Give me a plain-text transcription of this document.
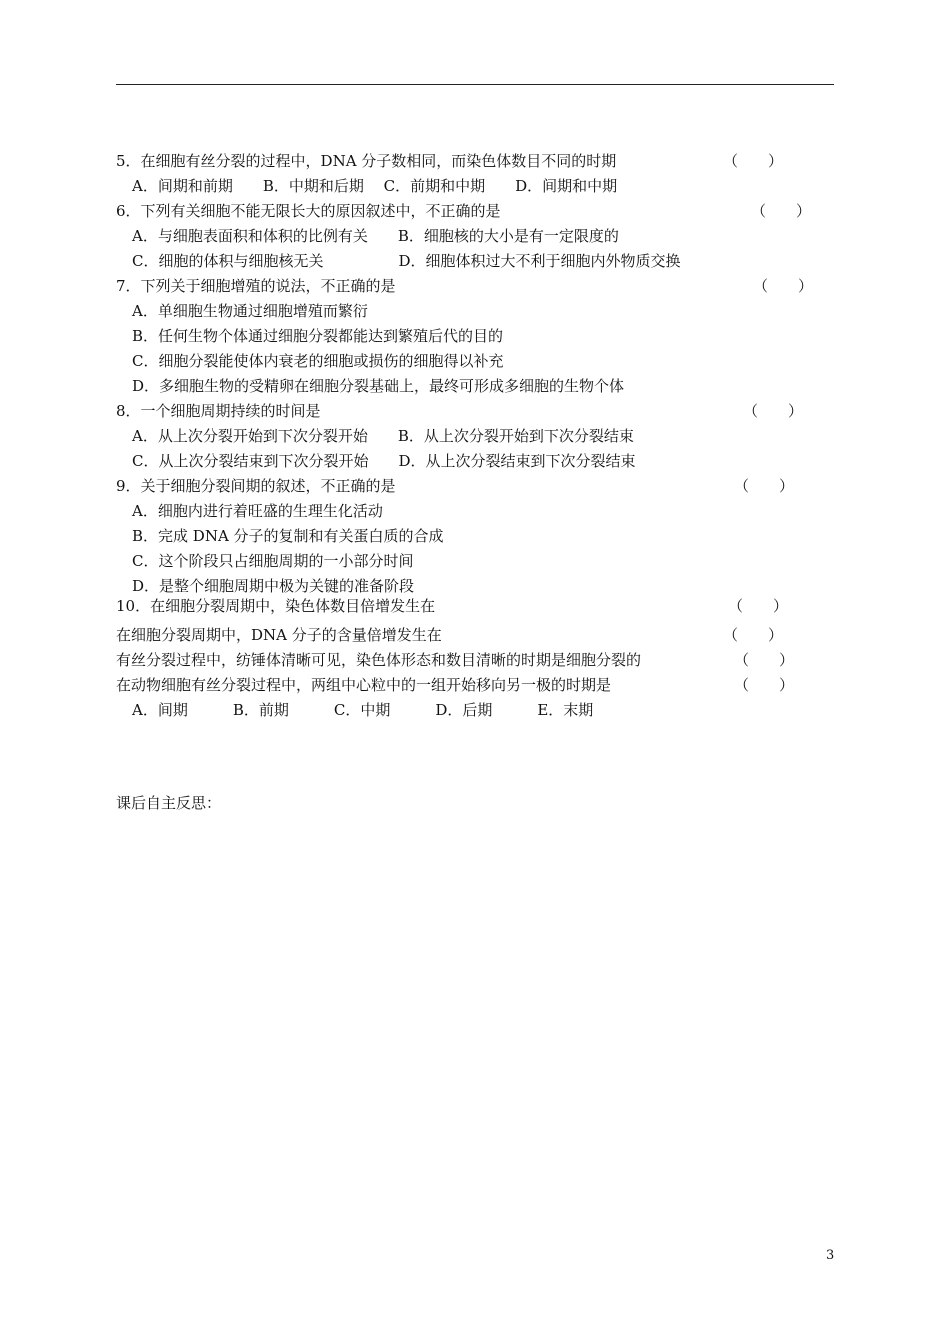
5．在细胞有丝分裂的过程中，DNA 分子数相同，而染色体数目不同的时期	（　　）
A．间期和前期　　B．中期和后期　 C．前期和中期　　D．间期和中期
6．下列有关细胞不能无限长大的原因叙述中，不正确的是	（　　）
A．与细胞表面积和体积的比例有关　　B．细胞核的大小是有一定限度的
C．细胞的体积与细胞核无关　　　　　D．细胞体积过大不利于细胞内外物质交换
7．下列关于细胞增殖的说法，不正确的是	（　　）
A．单细胞生物通过细胞增殖而繁衍
B．任何生物个体通过细胞分裂都能达到繁殖后代的目的
C．细胞分裂能使体内衰老的细胞或损伤的细胞得以补充
D．多细胞生物的受精卵在细胞分裂基础上，最终可形成多细胞的生物个体
8．一个细胞周期持续的时间是	（　　）
A．从上次分裂开始到下次分裂开始　　B．从上次分裂开始到下次分裂结束
C．从上次分裂结束到下次分裂开始　　D．从上次分裂结束到下次分裂结束
9．关于细胞分裂间期的叙述，不正确的是	（　　）
A．细胞内进行着旺盛的生理生化活动
B．完成 DNA 分子的复制和有关蛋白质的合成
C．这个阶段只占细胞周期的一小部分时间
D．是整个细胞周期中极为关键的准备阶段
10．在细胞分裂周期中，染色体数目倍增发生在	（　　）
在细胞分裂周期中，DNA 分子的含量倍增发生在	（　　）
有丝分裂过程中，纺锤体清晰可见，染色体形态和数目清晰的时期是细胞分裂的	（　　）
在动物细胞有丝分裂过程中，两组中心粒中的一组开始移向另一极的时期是	（　　）
A．间期　　　B．前期　　　C．中期　　　D．后期　　　E．末期
课后自主反思：
3
